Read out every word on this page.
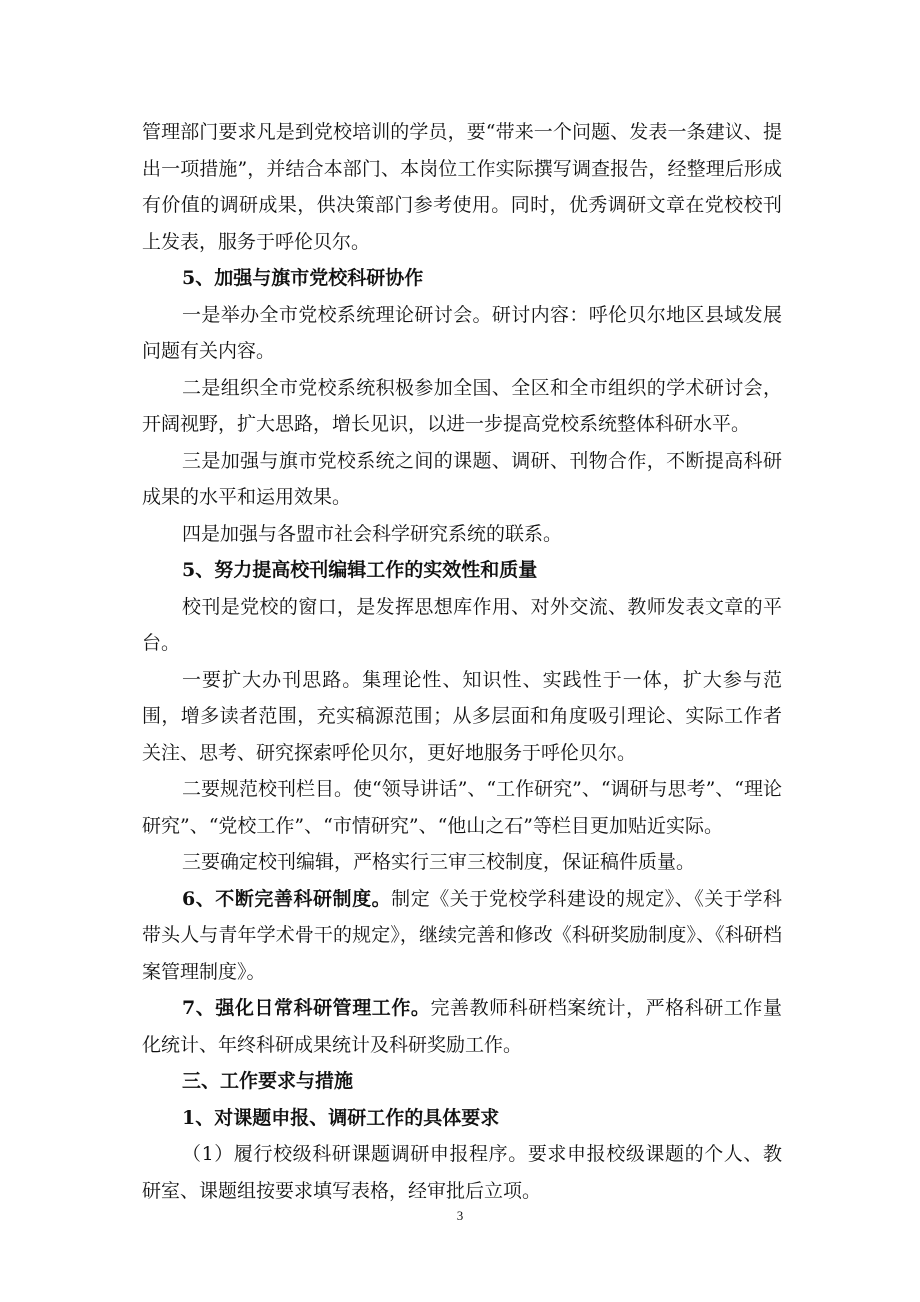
管理部门要求凡是到党校培训的学员，要“带来一个问题、发表一条建议、提出一项措施”，并结合本部门、本岗位工作实际撰写调查报告，经整理后形成有价值的调研成果，供决策部门参考使用。同时，优秀调研文章在党校校刊上发表，服务于呼伦贝尔。

5、加强与旗市党校科研协作

一是举办全市党校系统理论研讨会。研讨内容：呼伦贝尔地区县域发展问题有关内容。

二是组织全市党校系统积极参加全国、全区和全市组织的学术研讨会，开阔视野，扩大思路，增长见识，以进一步提高党校系统整体科研水平。

三是加强与旗市党校系统之间的课题、调研、刊物合作，不断提高科研成果的水平和运用效果。

四是加强与各盟市社会科学研究系统的联系。

5、努力提高校刊编辑工作的实效性和质量

校刊是党校的窗口，是发挥思想库作用、对外交流、教师发表文章的平台。

一要扩大办刊思路。集理论性、知识性、实践性于一体，扩大参与范围，增多读者范围，充实稿源范围；从多层面和角度吸引理论、实际工作者关注、思考、研究探索呼伦贝尔，更好地服务于呼伦贝尔。

二要规范校刊栏目。使“领导讲话”、“工作研究”、“调研与思考”、“理论研究”、“党校工作”、“市情研究”、“他山之石”等栏目更加贴近实际。

三要确定校刊编辑，严格实行三审三校制度，保证稿件质量。

6、不断完善科研制度。制定《关于党校学科建设的规定》、《关于学科带头人与青年学术骨干的规定》，继续完善和修改《科研奖励制度》、《科研档案管理制度》。

7、强化日常科研管理工作。完善教师科研档案统计，严格科研工作量化统计、年终科研成果统计及科研奖励工作。

三、工作要求与措施

1、对课题申报、调研工作的具体要求

（1）履行校级科研课题调研申报程序。要求申报校级课题的个人、教研室、课题组按要求填写表格，经审批后立项。

3
